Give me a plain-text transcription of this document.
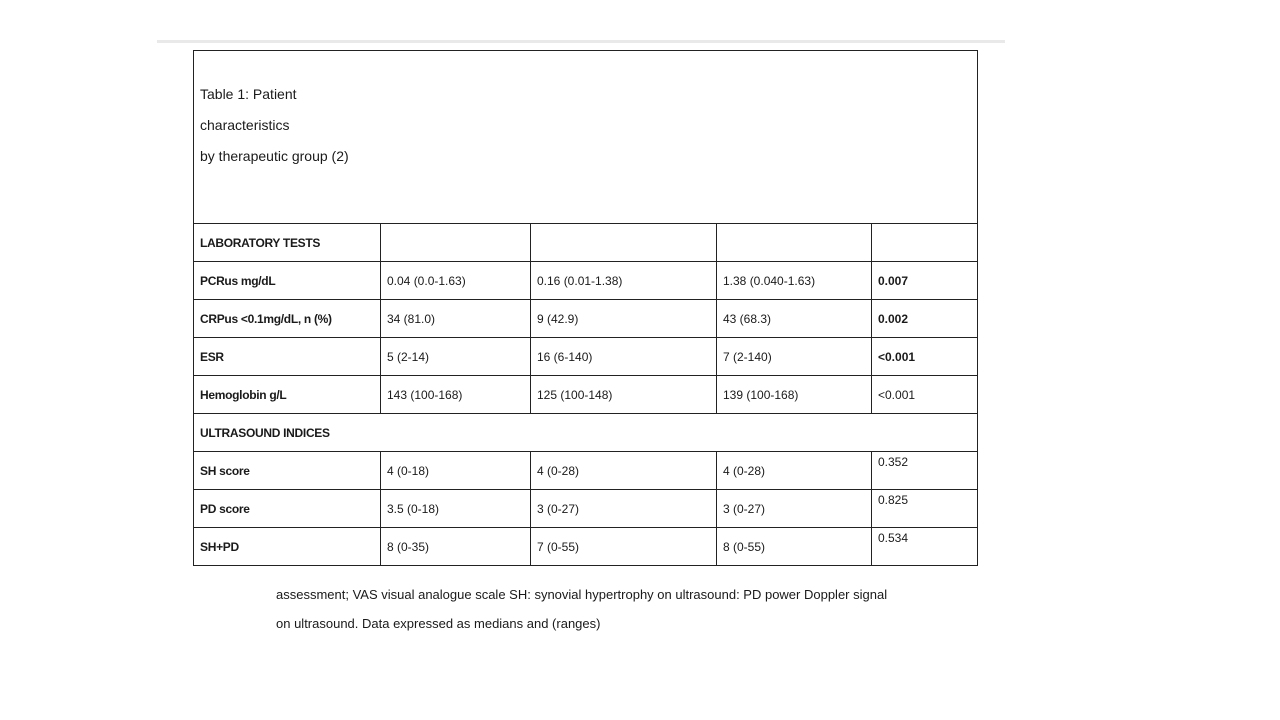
Table 1: Patient
characteristics
by therapeutic group (2)				

LABORATORY TESTS				
PCRus mg/dL	0.04 (0.0-1.63)	0.16 (0.01-1.38)	1.38 (0.040-1.63)	0.007
CRPus <0.1mg/dL, n (%)	34 (81.0)	9 (42.9)	43 (68.3)	0.002
ESR	5 (2-14)	16 (6-140)	7 (2-140)	<0.001
Hemoglobin g/L	143 (100-168)	125 (100-148)	139 (100-168)	<0.001
ULTRASOUND INDICES				
SH score	4 (0-18)	4 (0-28)	4 (0-28)	0.352
PD score	3.5 (0-18)	3 (0-27)	3 (0-27)	0.825
SH+PD	8 (0-35)	7 (0-55)	8 (0-55)	0.534
assessment; VAS visual analogue scale SH: synovial hypertrophy on ultrasound: PD power Doppler signal
on ultrasound. Data expressed as medians and (ranges)
